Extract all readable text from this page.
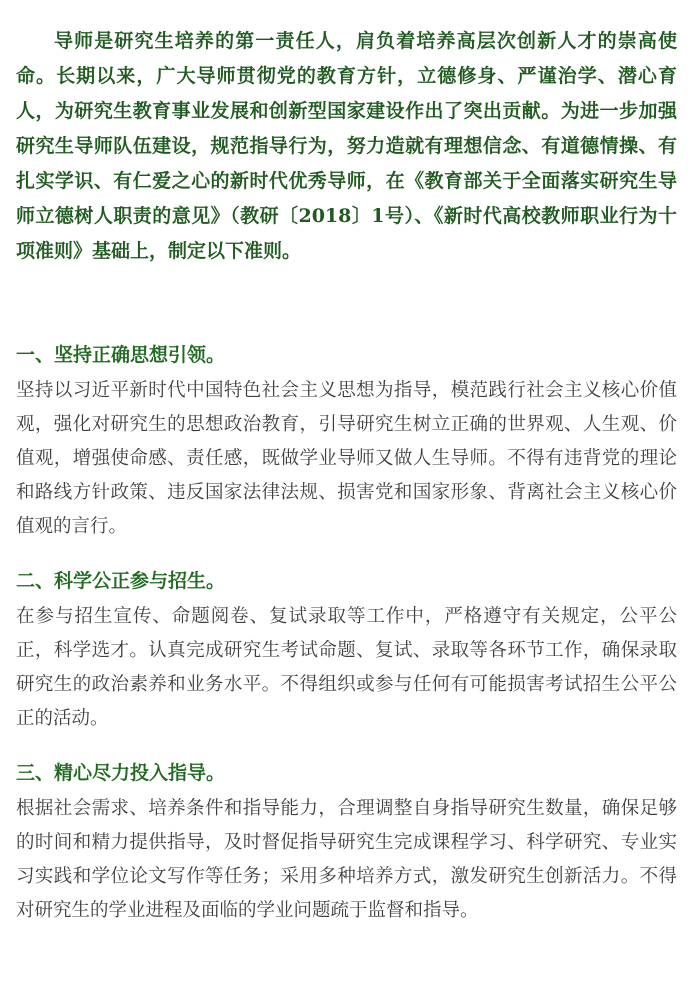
导师是研究生培养的第一责任人，肩负着培养高层次创新人才的崇高使命。长期以来，广大导师贯彻党的教育方针，立德修身、严谨治学、潜心育人，为研究生教育事业发展和创新型国家建设作出了突出贡献。为进一步加强研究生导师队伍建设，规范指导行为，努力造就有理想信念、有道德情操、有扎实学识、有仁爱之心的新时代优秀导师，在《教育部关于全面落实研究生导师立德树人职责的意见》（教研〔2018〕1号）、《新时代高校教师职业行为十项准则》基础上，制定以下准则。

一、坚持正确思想引领。

坚持以习近平新时代中国特色社会主义思想为指导，模范践行社会主义核心价值观，强化对研究生的思想政治教育，引导研究生树立正确的世界观、人生观、价值观，增强使命感、责任感，既做学业导师又做人生导师。不得有违背党的理论和路线方针政策、违反国家法律法规、损害党和国家形象、背离社会主义核心价值观的言行。

二、科学公正参与招生。

在参与招生宣传、命题阅卷、复试录取等工作中，严格遵守有关规定，公平公正，科学选才。认真完成研究生考试命题、复试、录取等各环节工作，确保录取研究生的政治素养和业务水平。不得组织或参与任何有可能损害考试招生公平公正的活动。

三、精心尽力投入指导。

根据社会需求、培养条件和指导能力，合理调整自身指导研究生数量，确保足够的时间和精力提供指导，及时督促指导研究生完成课程学习、科学研究、专业实习实践和学位论文写作等任务；采用多种培养方式，激发研究生创新活力。不得对研究生的学业进程及面临的学业问题疏于监督和指导。
